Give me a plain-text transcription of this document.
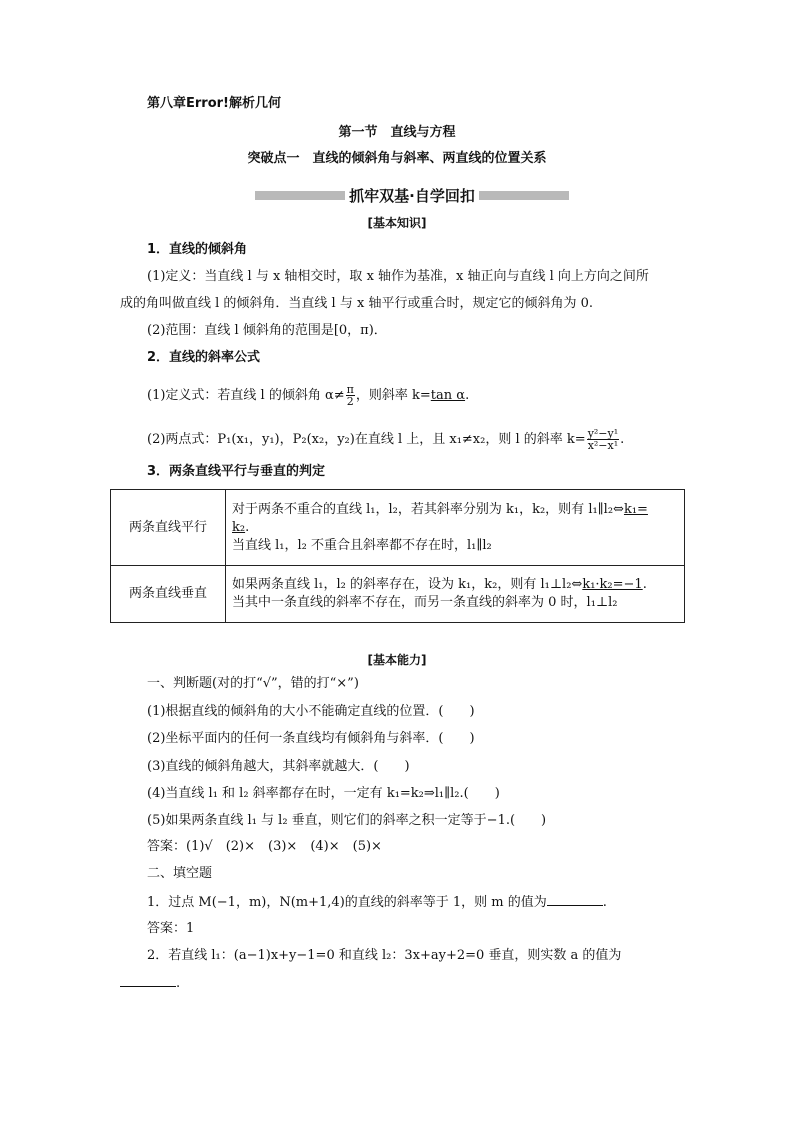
第八章Error!解析几何
第一节　直线与方程
突破点一　直线的倾斜角与斜率、两直线的位置关系
抓牢双基·自学回扣
[基本知识]
1．直线的倾斜角
(1)定义：当直线 l 与 x 轴相交时，取 x 轴作为基准，x 轴正向与直线 l 向上方向之间所
成的角叫做直线 l 的倾斜角．当直线 l 与 x 轴平行或重合时，规定它的倾斜角为 0.
(2)范围：直线 l 倾斜角的范围是[0，π)．
2．直线的斜率公式
(1)定义式：若直线 l 的倾斜角 $\alpha\ne \frac{\pi}{2}$ ，则斜率 k=tan α.
(2)两点式：P₁(x₁，y₁)，P₂(x₂，y₂)在直线 l 上，且 x₁≠x₂，则 l 的斜率 $k= \frac{\text{y²−y¹}}{\text{x²−x¹}}$ .
3．两条直线平行与垂直的判定
两条直线平行	对于两条不重合的直线 l₁，l₂，若其斜率分别为 k₁，k₂，则有 l₁∥l₂⇔k₁=
k₂.
当直线 l₁，l₂ 不重合且斜率都不存在时，l₁∥l₂

两条直线垂直	如果两条直线 l₁，l₂ 的斜率存在，设为 k₁，k₂，则有 l₁⊥l₂⇔k₁·k₂=−1.
当其中一条直线的斜率不存在，而另一条直线的斜率为 0 时，l₁⊥l₂
[基本能力]
一、判断题(对的打“√”，错的打“×”)
(1)根据直线的倾斜角的大小不能确定直线的位置．(　　)
(2)坐标平面内的任何一条直线均有倾斜角与斜率．(　　)
(3)直线的倾斜角越大，其斜率就越大．(　　)
(4)当直线 l₁ 和 l₂ 斜率都存在时，一定有 k₁=k₂⇒l₁∥l₂.(　　)
(5)如果两条直线 l₁ 与 l₂ 垂直，则它们的斜率之积一定等于−1.(　　)
答案：(1)√　(2)×　(3)×　(4)×　(5)×
二、填空题
1．过点 M(−1，m)，N(m+1,4)的直线的斜率等于 1，则 m 的值为	.
答案：1
2．若直线 l₁：(a−1)x+y−1=0 和直线 l₂：3x+ay+2=0 垂直，则实数 a 的值为
.
